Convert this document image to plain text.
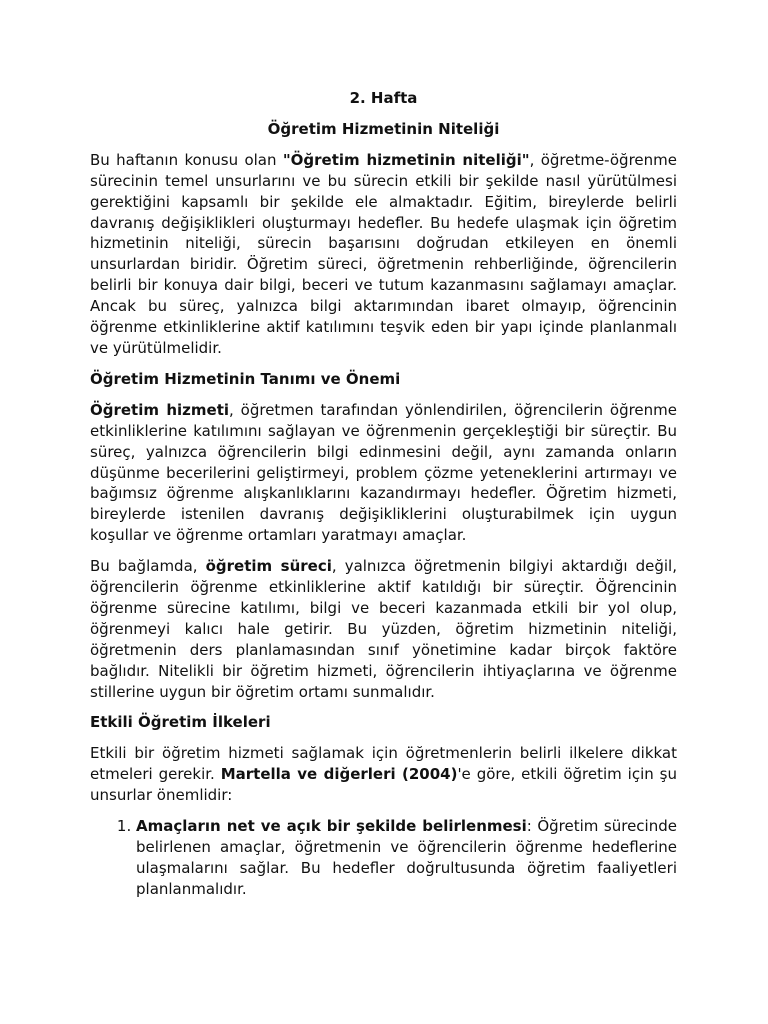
2. Hafta

Öğretim Hizmetinin Niteliği

Bu haftanın konusu olan "Öğretim hizmetinin niteliği", öğretme-öğrenme sürecinin temel unsurlarını ve bu sürecin etkili bir şekilde nasıl yürütülmesi gerektiğini kapsamlı bir şekilde ele almaktadır. Eğitim, bireylerde belirli davranış değişiklikleri oluşturmayı hedefler. Bu hedefe ulaşmak için öğretim hizmetinin niteliği, sürecin başarısını doğrudan etkileyen en önemli unsurlardan biridir. Öğretim süreci, öğretmenin rehberliğinde, öğrencilerin belirli bir konuya dair bilgi, beceri ve tutum kazanmasını sağlamayı amaçlar. Ancak bu süreç, yalnızca bilgi aktarımından ibaret olmayıp, öğrencinin öğrenme etkinliklerine aktif katılımını teşvik eden bir yapı içinde planlanmalı ve yürütülmelidir.

Öğretim Hizmetinin Tanımı ve Önemi

Öğretim hizmeti, öğretmen tarafından yönlendirilen, öğrencilerin öğrenme etkinliklerine katılımını sağlayan ve öğrenmenin gerçekleştiği bir süreçtir. Bu süreç, yalnızca öğrencilerin bilgi edinmesini değil, aynı zamanda onların düşünme becerilerini geliştirmeyi, problem çözme yeteneklerini artırmayı ve bağımsız öğrenme alışkanlıklarını kazandırmayı hedefler. Öğretim hizmeti, bireylerde istenilen davranış değişikliklerini oluşturabilmek için uygun koşullar ve öğrenme ortamları yaratmayı amaçlar.

Bu bağlamda, öğretim süreci, yalnızca öğretmenin bilgiyi aktardığı değil, öğrencilerin öğrenme etkinliklerine aktif katıldığı bir süreçtir. Öğrencinin öğrenme sürecine katılımı, bilgi ve beceri kazanmada etkili bir yol olup, öğrenmeyi kalıcı hale getirir. Bu yüzden, öğretim hizmetinin niteliği, öğretmenin ders planlamasından sınıf yönetimine kadar birçok faktöre bağlıdır. Nitelikli bir öğretim hizmeti, öğrencilerin ihtiyaçlarına ve öğrenme stillerine uygun bir öğretim ortamı sunmalıdır.

Etkili Öğretim İlkeleri

Etkili bir öğretim hizmeti sağlamak için öğretmenlerin belirli ilkelere dikkat etmeleri gerekir. Martella ve diğerleri (2004)'e göre, etkili öğretim için şu unsurlar önemlidir:

1. Amaçların net ve açık bir şekilde belirlenmesi: Öğretim sürecinde belirlenen amaçlar, öğretmenin ve öğrencilerin öğrenme hedeflerine ulaşmalarını sağlar. Bu hedefler doğrultusunda öğretim faaliyetleri planlanmalıdır.
